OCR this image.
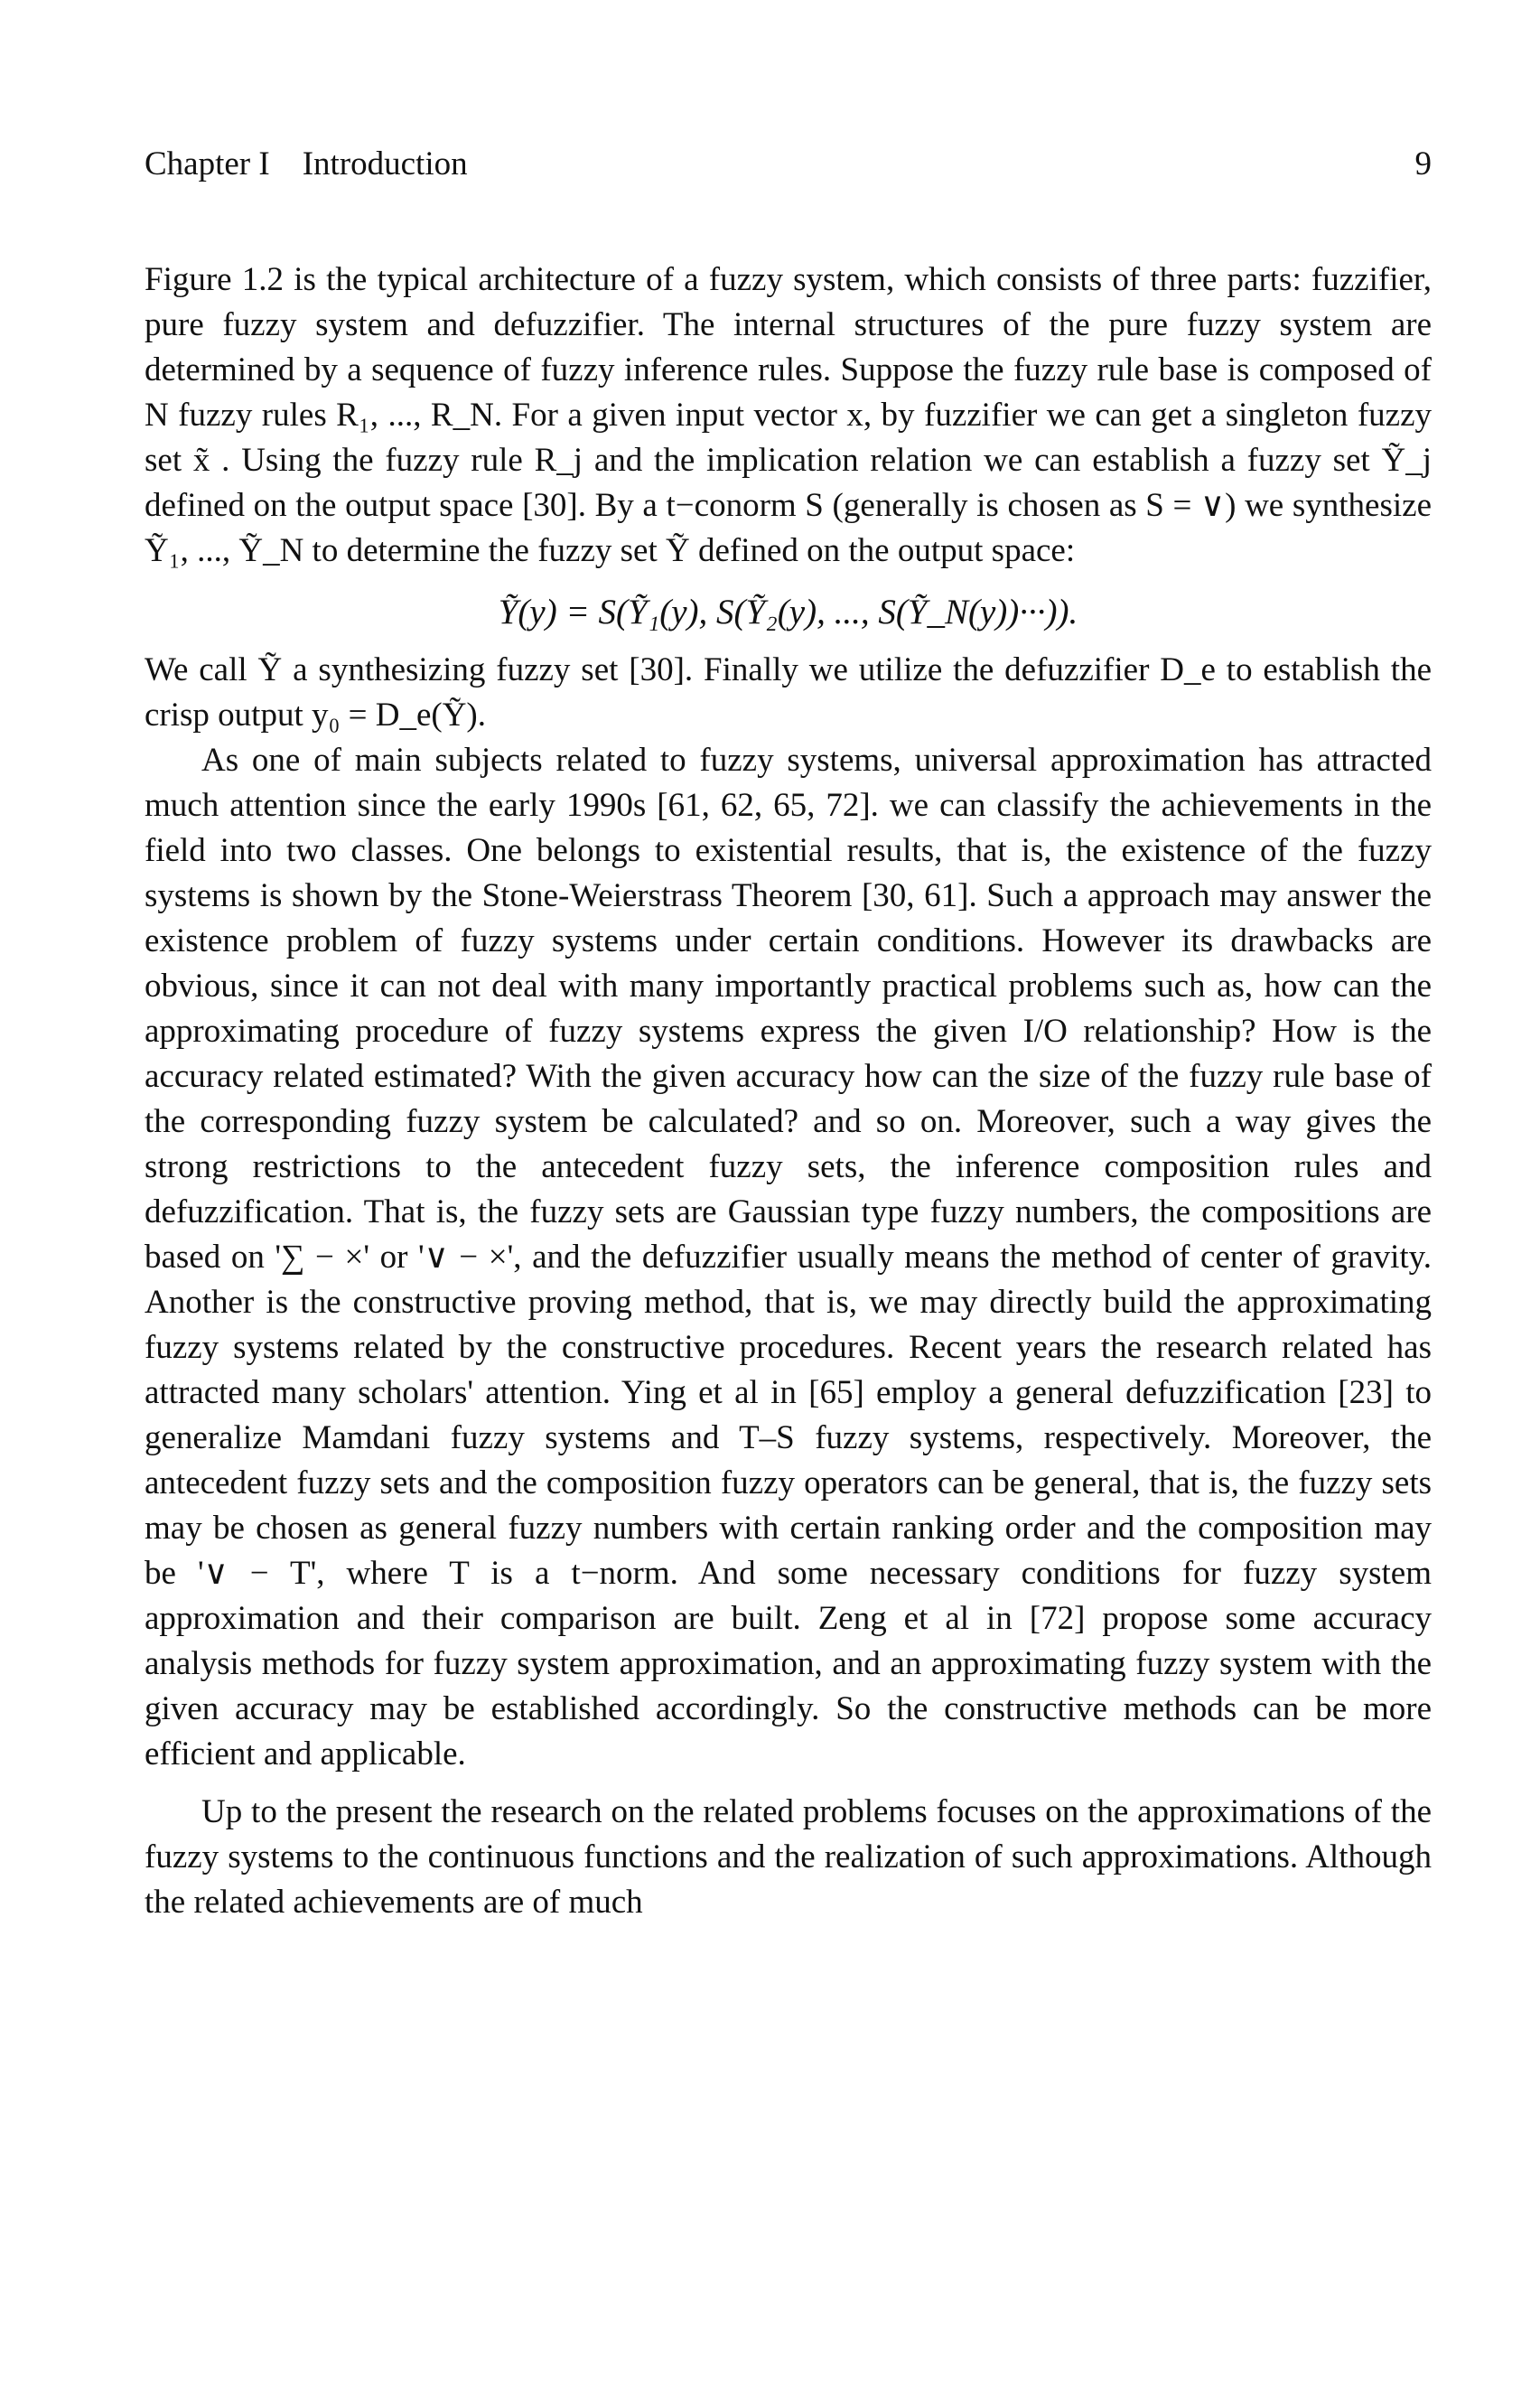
Chapter I Introduction	9

Figure 1.2 is the typical architecture of a fuzzy system, which consists of three parts: fuzzifier, pure fuzzy system and defuzzifier. The internal structures of the pure fuzzy system are determined by a sequence of fuzzy inference rules. Suppose the fuzzy rule base is composed of N fuzzy rules R₁, ..., R_N. For a given input vector x, by fuzzifier we can get a singleton fuzzy set x̃ . Using the fuzzy rule R_j and the implication relation we can establish a fuzzy set Ỹ_j defined on the output space [30]. By a t−conorm S (generally is chosen as S = ∨) we synthesize Ỹ₁, ..., Ỹ_N to determine the fuzzy set Ỹ defined on the output space:

Ỹ(y) = S(Ỹ₁(y), S(Ỹ₂(y), ..., S(Ỹ_N(y))···)).

We call Ỹ a synthesizing fuzzy set [30]. Finally we utilize the defuzzifier D_e to establish the crisp output y₀ = D_e(Ỹ).

As one of main subjects related to fuzzy systems, universal approximation has attracted much attention since the early 1990s [61, 62, 65, 72]. we can classify the achievements in the field into two classes. One belongs to existential results, that is, the existence of the fuzzy systems is shown by the Stone-Weierstrass Theorem [30, 61]. Such a approach may answer the existence problem of fuzzy systems under certain conditions. However its drawbacks are obvious, since it can not deal with many importantly practical problems such as, how can the approximating procedure of fuzzy systems express the given I/O relationship? How is the accuracy related estimated? With the given accuracy how can the size of the fuzzy rule base of the corresponding fuzzy system be calculated? and so on. Moreover, such a way gives the strong restrictions to the antecedent fuzzy sets, the inference composition rules and defuzzification. That is, the fuzzy sets are Gaussian type fuzzy numbers, the compositions are based on '∑ − ×' or '∨ − ×', and the defuzzifier usually means the method of center of gravity. Another is the constructive proving method, that is, we may directly build the approximating fuzzy systems related by the constructive procedures. Recent years the research related has attracted many scholars' attention. Ying et al in [65] employ a general defuzzification [23] to generalize Mamdani fuzzy systems and T–S fuzzy systems, respectively. Moreover, the antecedent fuzzy sets and the composition fuzzy operators can be general, that is, the fuzzy sets may be chosen as general fuzzy numbers with certain ranking order and the composition may be '∨ − T', where T is a t−norm. And some necessary conditions for fuzzy system approximation and their comparison are built. Zeng et al in [72] propose some accuracy analysis methods for fuzzy system approximation, and an approximating fuzzy system with the given accuracy may be established accordingly. So the constructive methods can be more efficient and applicable.

Up to the present the research on the related problems focuses on the approximations of the fuzzy systems to the continuous functions and the realization of such approximations. Although the related achievements are of much
